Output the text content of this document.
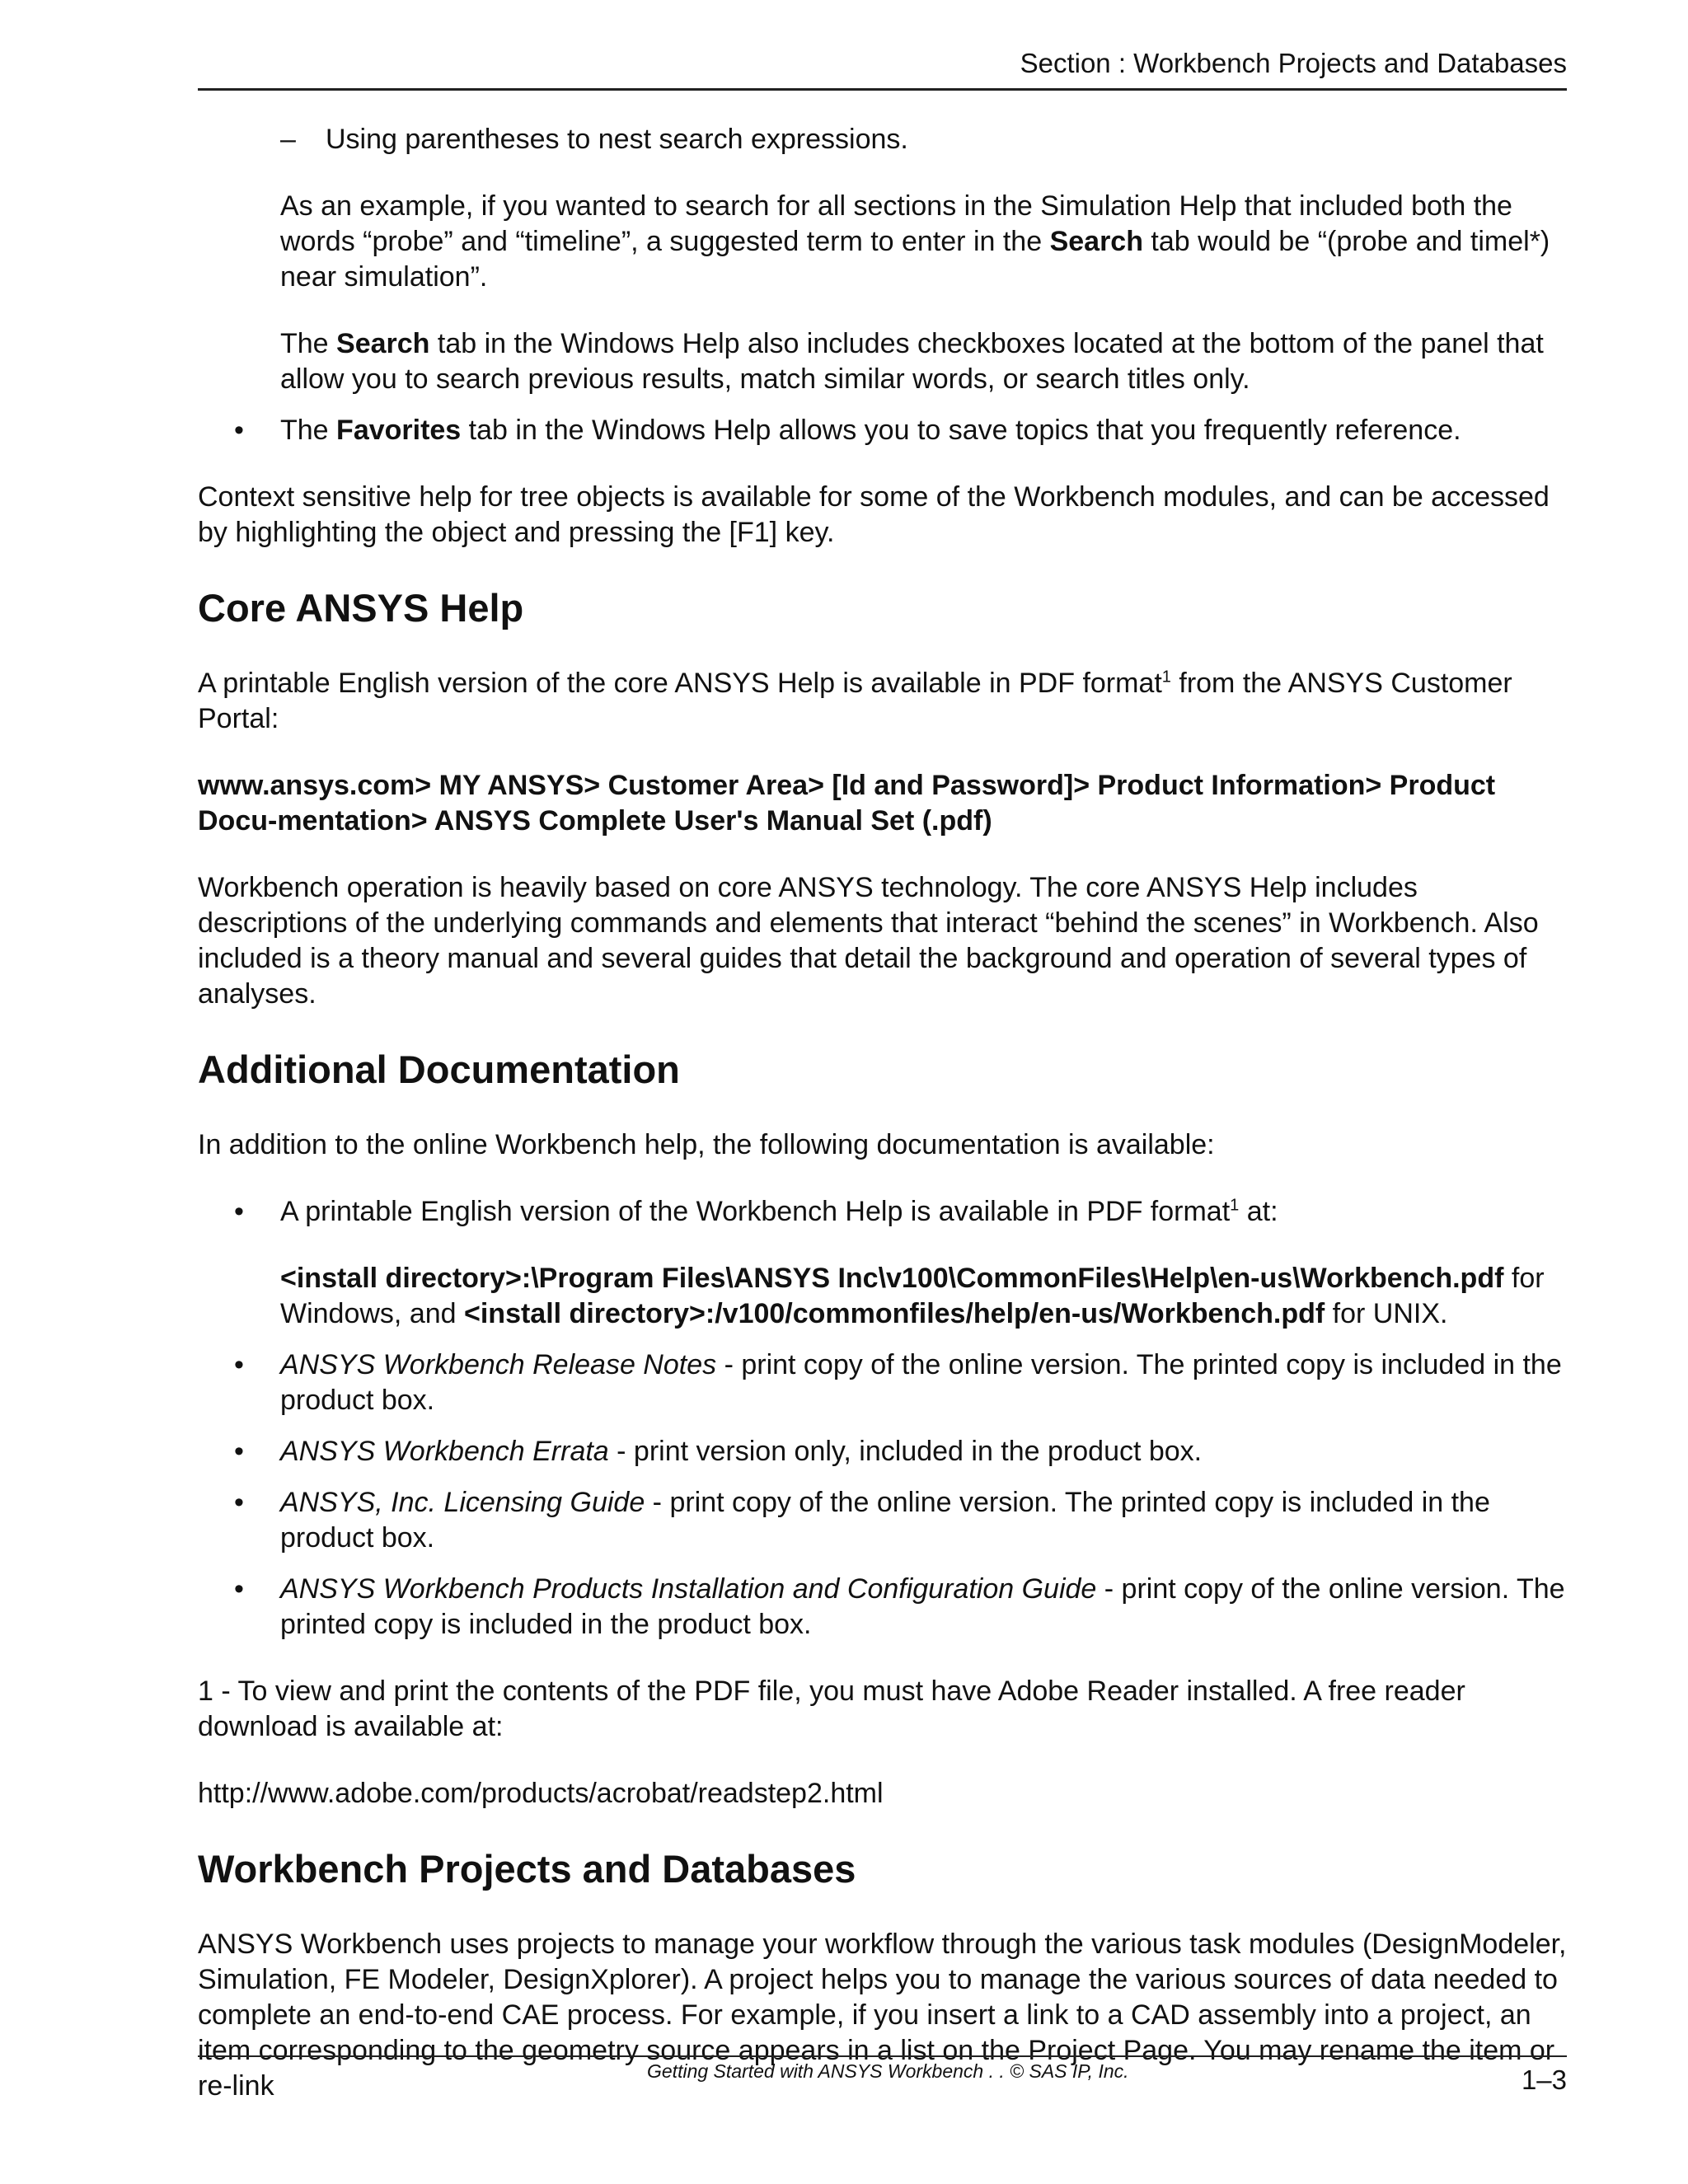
Section : Workbench Projects and Databases

– Using parentheses to nest search expressions.

As an example, if you wanted to search for all sections in the Simulation Help that included both the words “probe” and “timeline”, a suggested term to enter in the Search tab would be “(probe and timel*) near simulation”.

The Search tab in the Windows Help also includes checkboxes located at the bottom of the panel that allow you to search previous results, match similar words, or search titles only.

• The Favorites tab in the Windows Help allows you to save topics that you frequently reference.

Context sensitive help for tree objects is available for some of the Workbench modules, and can be accessed by highlighting the object and pressing the [F1] key.

Core ANSYS Help

A printable English version of the core ANSYS Help is available in PDF format$^1$ from the ANSYS Customer Portal:

www.ansys.com> MY ANSYS> Customer Area> [Id and Password]> Product Information> Product Docu-mentation> ANSYS Complete User's Manual Set (.pdf)

Workbench operation is heavily based on core ANSYS technology. The core ANSYS Help includes descriptions of the underlying commands and elements that interact “behind the scenes” in Workbench. Also included is a theory manual and several guides that detail the background and operation of several types of analyses.

Additional Documentation

In addition to the online Workbench help, the following documentation is available:

• A printable English version of the Workbench Help is available in PDF format$^1$ at:

<install directory>:\Program Files\ANSYS Inc\v100\CommonFiles\Help\en-us\Workbench.pdf for Windows, and <install directory>:/v100/commonfiles/help/en-us/Workbench.pdf for UNIX.

• ANSYS Workbench Release Notes - print copy of the online version. The printed copy is included in the product box.

• ANSYS Workbench Errata - print version only, included in the product box.

• ANSYS, Inc. Licensing Guide - print copy of the online version. The printed copy is included in the product box.

• ANSYS Workbench Products Installation and Configuration Guide - print copy of the online version. The printed copy is included in the product box.

1 - To view and print the contents of the PDF file, you must have Adobe Reader installed. A free reader download is available at:

http://www.adobe.com/products/acrobat/readstep2.html

Workbench Projects and Databases

ANSYS Workbench uses projects to manage your workflow through the various task modules (DesignModeler, Simulation, FE Modeler, DesignXplorer). A project helps you to manage the various sources of data needed to complete an end-to-end CAE process. For example, if you insert a link to a CAD assembly into a project, an item corresponding to the geometry source appears in a list on the Project Page. You may rename the item or re-link	Getting Started with ANSYS Workbench . . © SAS IP, Inc.	1–3
